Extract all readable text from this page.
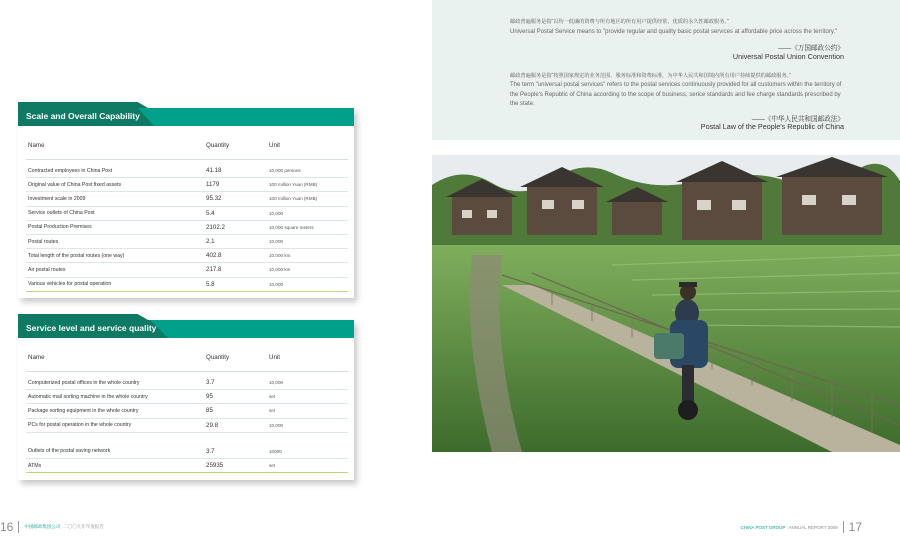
Scale and Overall Capability
Name	Quantity	Unit
Contracted employees in China Post	41.18	10,000 persons
Original value of China Post fixed assets	1179	100 million Yuan (RMB)
Investment scale in 2009	95.32	100 million Yuan (RMB)
Service outlets of China Post	5.4	10,000
Postal Production Premises	2102.2	10,000 square meters
Postal routes	2.1	10,000
Total length of the postal routes (one way)	402.8	10,000 km
Air postal routes	217.8	10,000 km
Various vehicles for postal operation	5.8	10,000
Service level and service quality
Name	Quantity	Unit
Computerized postal offices in the whole country	3.7	10,000
Automatic mail sorting machine in the whole country	95	set
Package sorting equipment in the whole country	85	set
PCs for postal operation in the whole country	29.8	10,000
Outlets of the postal saving network	3.7	10000
ATMs	25935	set
16 中国邮政集团公司 二〇〇九年年度报告
邮政普遍服务是指“以均一低廉的资费与所有地区的所有用户提供经常、优质的永久性邮政服务。”
Universal Postal Service means to "provide regular and quality basic postal services at affordable price across the territory."
——《万国邮政公约》
Universal Postal Union Convention
邮政普遍服务是指“按照国家规定的业务范围、服务标准和资费标准，为中华人民共和国境内所有用户持续提供的邮政服务。”
The term "universal postal services" refers to the postal services continuously provided for all customers within the territory of the People's Republic of China according to the scope of business, serice standards and fee charge standards prescribed by the state.
——《中华人民共和国邮政法》
Postal Law of the People's Republic of China
CHINA POST GROUP ANNUAL REPORT 2009 17
